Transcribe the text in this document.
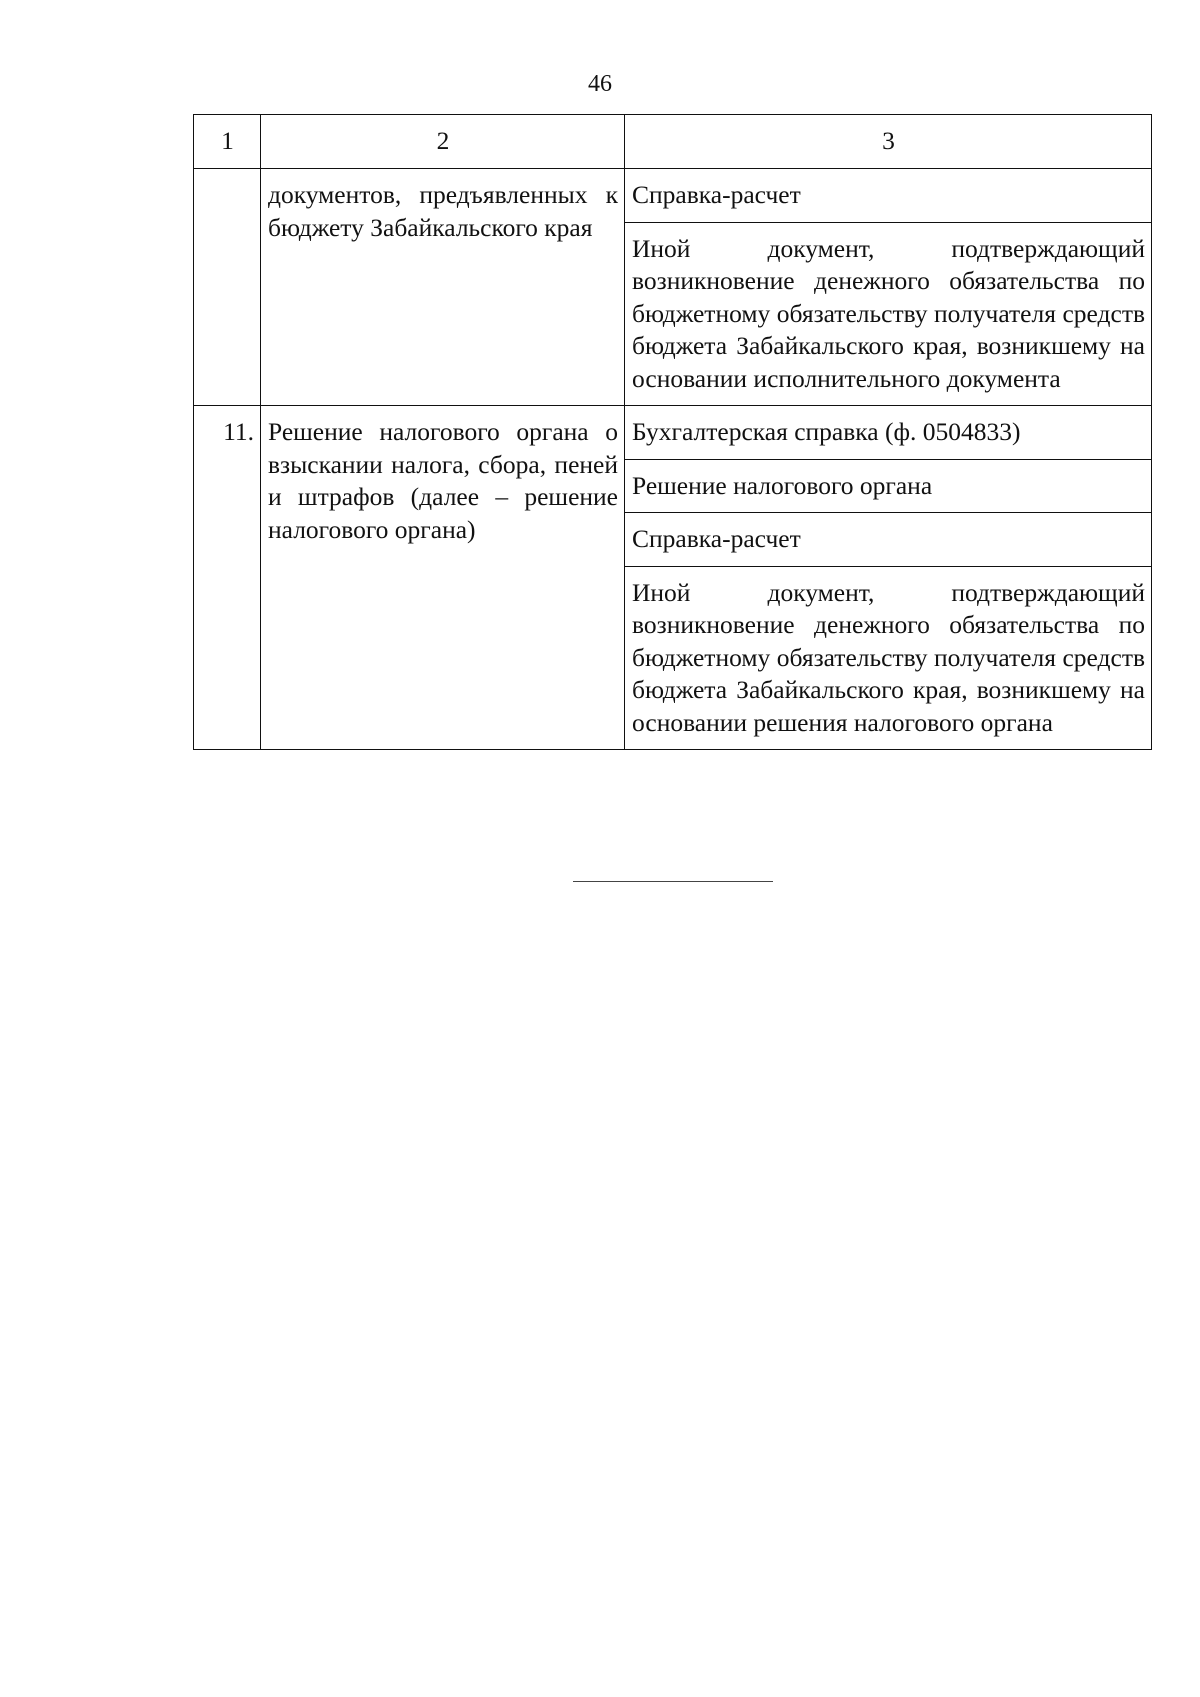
46
1	2	3
	документов, предъявленных к бюджету Забайкальского края	Справка-расчет
		Иной документ, подтверждающий возникновение денежного обязательства по бюджетному обязательству получателя средств бюджета Забайкальского края, возникшему на основании исполнительного документа
11.	Решение налогового органа о взыскании налога, сбора, пеней и штрафов (далее – решение налогового органа)	Бухгалтерская справка (ф. 0504833)
		Решение налогового органа
		Справка-расчет
		Иной документ, подтверждающий возникновение денежного обязательства по бюджетному обязательству получателя средств бюджета Забайкальского края, возникшему на основании решения налогового органа
